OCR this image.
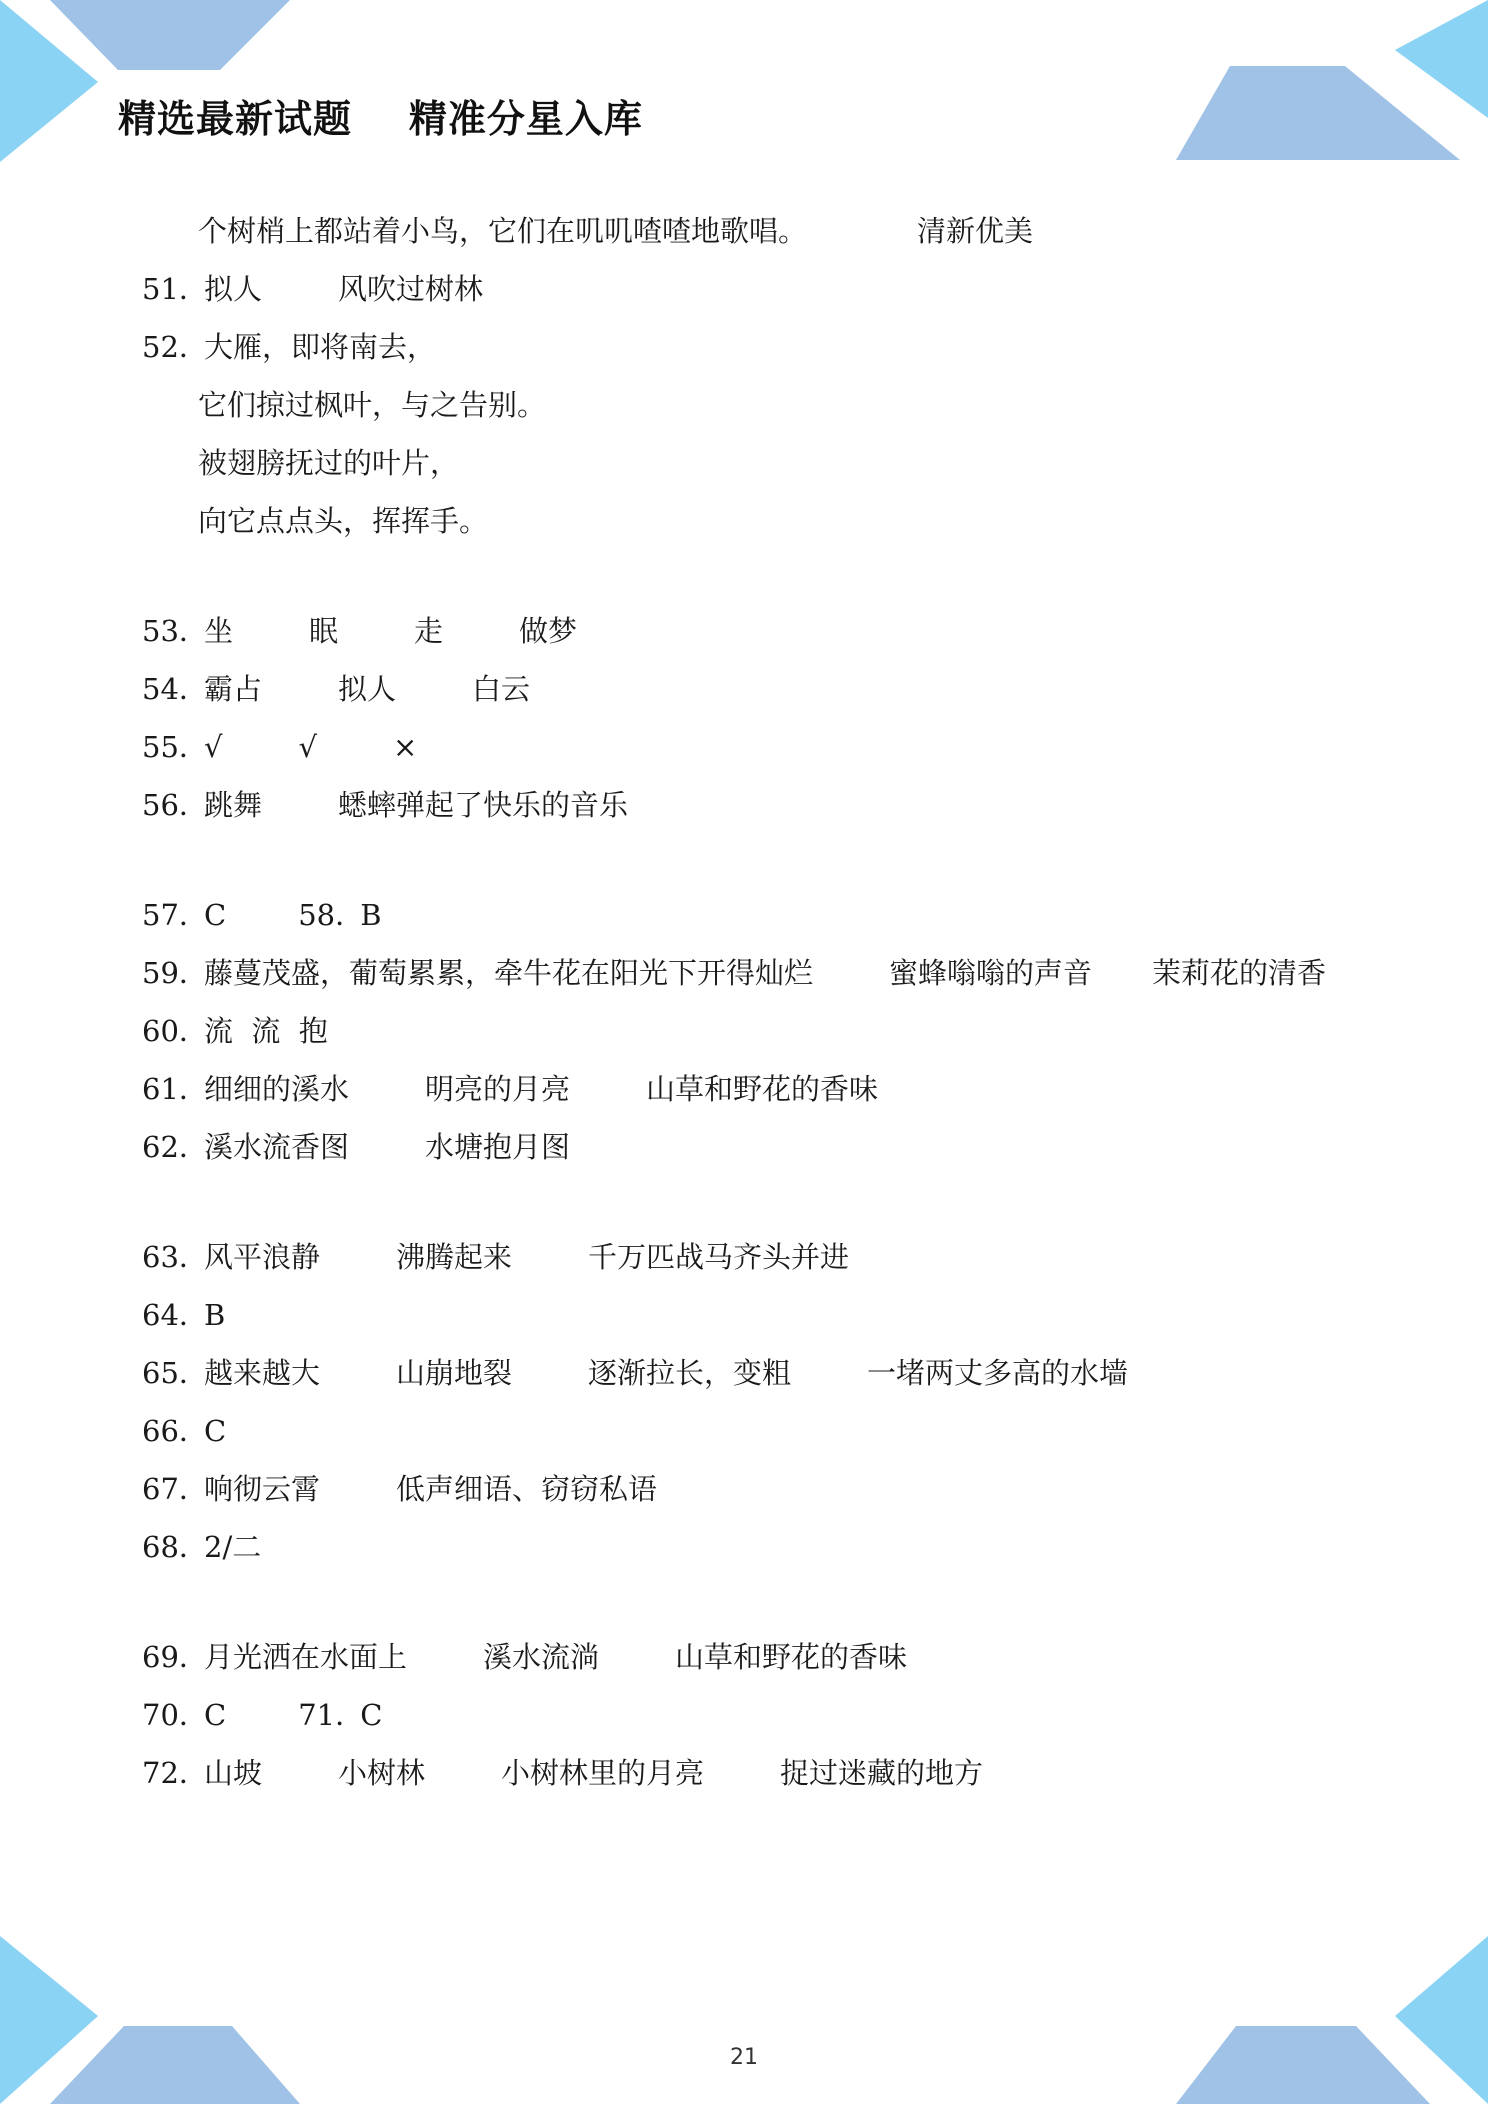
精选最新试题    精准分星入库
个树梢上都站着小鸟，它们在叽叽喳喳地歌唱。	清新优美
51．
拟人	风吹过树林
52．
大雁，即将南去，
它们掠过枫叶，与之告别。
被翅膀抚过的叶片，
向它点点头，挥挥手。
53．
坐	眠	走	做梦
54．
霸占	拟人	白云
55．
√	√	×
56．
跳舞	蟋蟀弹起了快乐的音乐
57．
C 58．
B
59．
藤蔓茂盛，葡萄累累，牵牛花在阳光下开得灿烂	蜜蜂嗡嗡的声音 茉莉花的清香
60．
流  流  抱
61．
细细的溪水	明亮的月亮	山草和野花的香味
62．
溪水流香图	水塘抱月图
63．
风平浪静	沸腾起来	千万匹战马齐头并进
64．
B
65．
越来越大	山崩地裂	逐渐拉长，变粗	一堵两丈多高的水墙
66．
C
67．
响彻云霄	低声细语、窃窃私语
68．
2/二
69．
月光洒在水面上	溪水流淌	山草和野花的香味
70．
C 71．
C
72．
山坡	小树林	小树林里的月亮	捉过迷藏的地方
21
